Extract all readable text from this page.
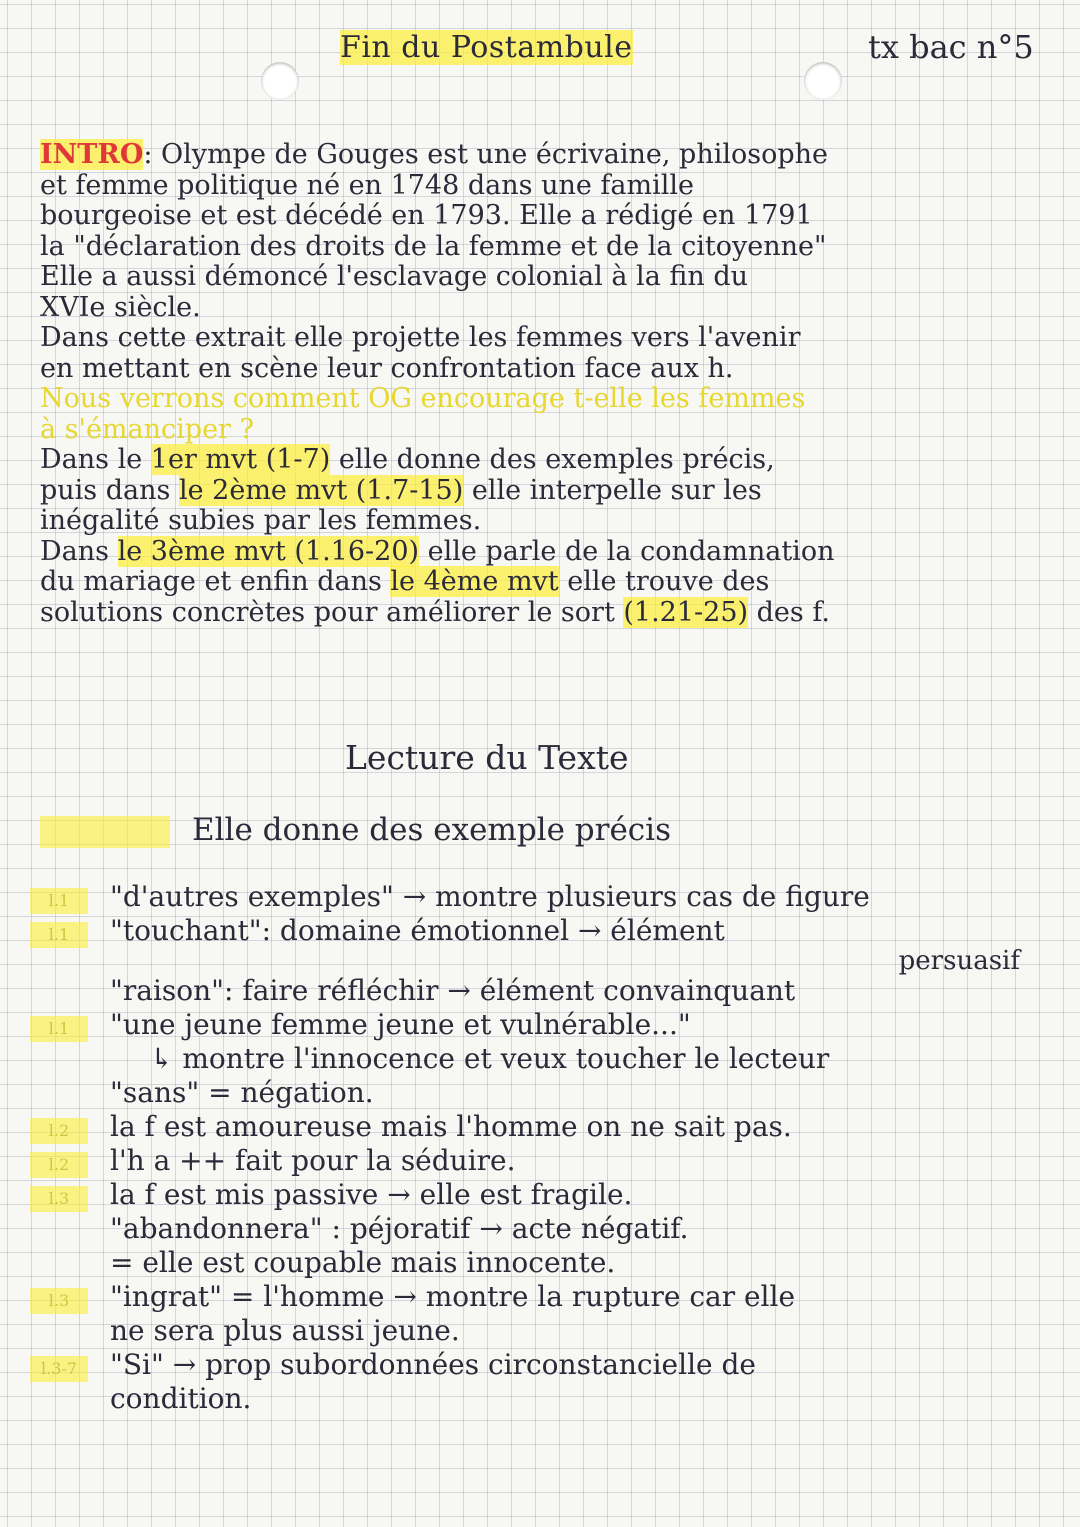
Fin du Postambule	tx bac n°5

INTRO: Olympe de Gouges est une écrivaine, philosophe

et femme politique né en 1748 dans une famille

bourgeoise et est décédé en 1793. Elle a rédigé en 1791

la "déclaration des droits de la femme et de la citoyenne"

Elle a aussi démoncé l'esclavage colonial à la fin du

XVIe siècle.

Dans cette extrait elle projette les femmes vers l'avenir

en mettant en scène leur confrontation face aux h.

Nous verrons comment OG encourage t-elle les femmes

à s'émanciper ?

Dans le 1er mvt (1-7) elle donne des exemples précis,

puis dans le 2ème mvt (1.7-15) elle interpelle sur les

inégalité subies par les femmes.

Dans le 3ème mvt (1.16-20) elle parle de la condamnation

du mariage et enfin dans le 4ème mvt elle trouve des

solutions concrètes pour améliorer le sort (1.21-25) des f.

Lecture du Texte
Elle donne des exemple précis
l.1	"d'autres exemples" → montre plusieurs cas de figure
l.1	"touchant": domaine émotionnel → élément
persuasif
"raison": faire réfléchir → élément convainquant
l.1	"une jeune femme jeune et vulnérable..."
↳ montre l'innocence et veux toucher le lecteur
"sans" = négation.
l.2	la f est amoureuse mais l'homme on ne sait pas.
l.2	l'h a ++ fait pour la séduire.
l.3	la f est mis passive → elle est fragile.
"abandonnera" : péjoratif → acte négatif.
= elle est coupable mais innocente.
l.3	"ingrat" = l'homme → montre la rupture car elle
ne sera plus aussi jeune.
l.3-7	"Si" → prop subordonnées circonstancielle de
condition.
